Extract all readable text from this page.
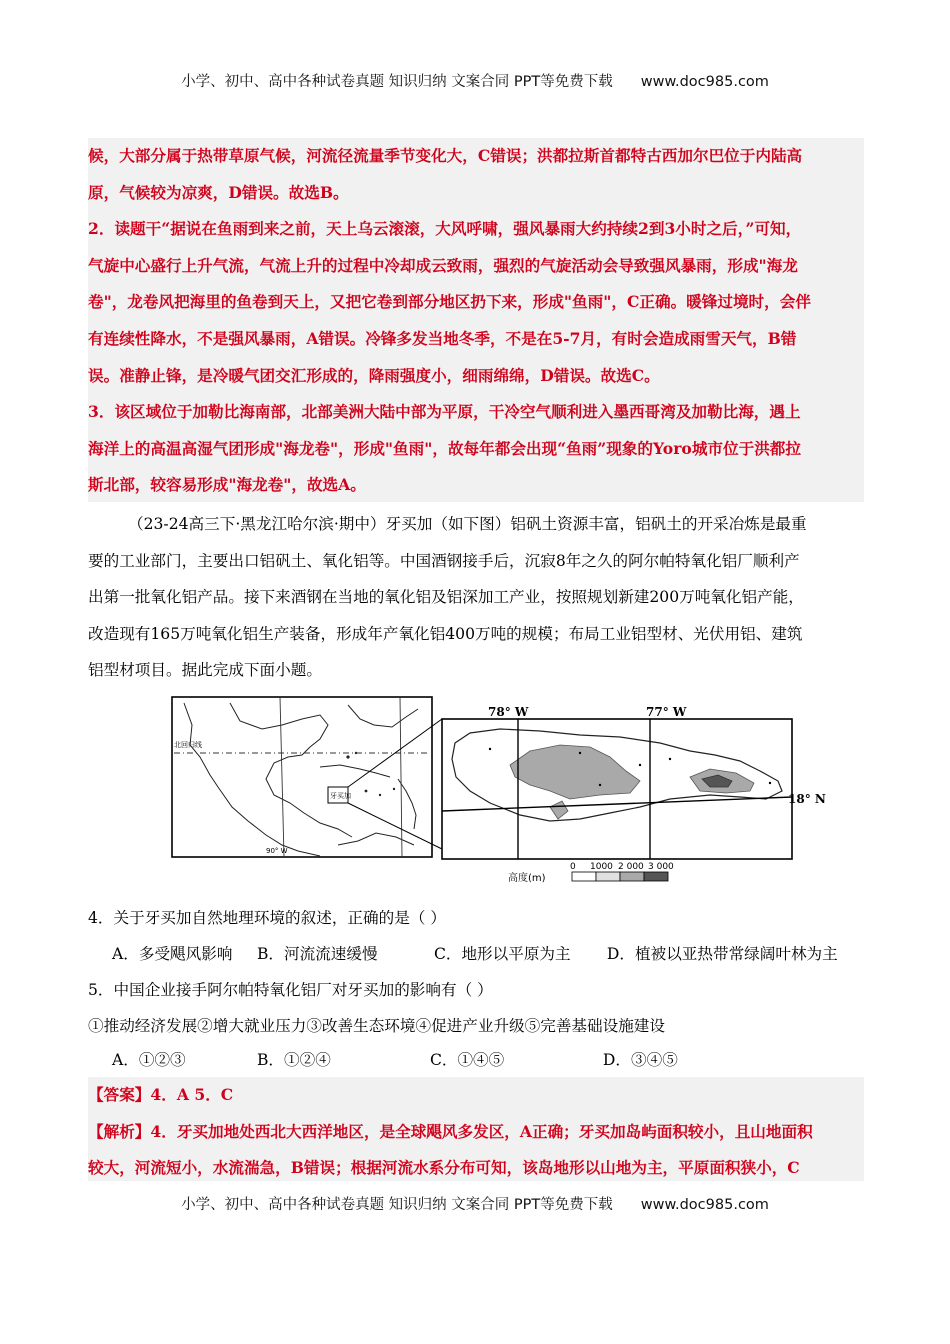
小学、初中、高中各种试卷真题 知识归纳 文案合同 PPT等免费下载 www.doc985.com

候，大部分属于热带草原气候，河流径流量季节变化大，C错误；洪都拉斯首都特古西加尔巴位于内陆高

原，气候较为凉爽，D错误。故选B。

2．读题干“据说在鱼雨到来之前，天上乌云滚滚，大风呼啸，强风暴雨大约持续2到3小时之后，”可知，

气旋中心盛行上升气流，气流上升的过程中冷却成云致雨，强烈的气旋活动会导致强风暴雨，形成"海龙

卷"，龙卷风把海里的鱼卷到天上，又把它卷到部分地区扔下来，形成"鱼雨"，C正确。暖锋过境时，会伴

有连续性降水，不是强风暴雨，A错误。冷锋多发当地冬季，不是在5-7月，有时会造成雨雪天气，B错

误。准静止锋，是冷暖气团交汇形成的，降雨强度小，细雨绵绵，D错误。故选C。

3．该区域位于加勒比海南部，北部美洲大陆中部为平原，干冷空气顺利进入墨西哥湾及加勒比海，遇上

海洋上的高温高湿气团形成"海龙卷"，形成"鱼雨"，故每年都会出现“鱼雨”现象的Yoro城市位于洪都拉

斯北部，较容易形成"海龙卷"，故选A。

（23-24高三下·黑龙江哈尔滨·期中）牙买加（如下图）铝矾土资源丰富，铝矾土的开采冶炼是最重

要的工业部门，主要出口铝矾土、氧化铝等。中国酒钢接手后，沉寂8年之久的阿尔帕特氧化铝厂顺利产

出第一批氧化铝产品。接下来酒钢在当地的氧化铝及铝深加工产业，按照规划新建200万吨氧化铝产能，

改造现有165万吨氧化铝生产装备，形成年产氧化铝400万吨的规模；布局工业铝型材、光伏用铝、建筑

铝型材项目。据此完成下面小题。

北回归线
90° W
牙买加
78° W	77° W
18° N
高度(m)
0 1000 2 000 3 000
4．关于牙买加自然地理环境的叙述，正确的是（ ）
A．多受飓风影响 B．河流流速缓慢	C．地形以平原为主 D．植被以亚热带常绿阔叶林为主
5．中国企业接手阿尔帕特氧化铝厂对牙买加的影响有（ ）
①推动经济发展②增大就业压力③改善生态环境④促进产业升级⑤完善基础设施建设
A．①②③	B．①②④	C．①④⑤	D．③④⑤

【答案】4．A 5．C

【解析】4．牙买加地处西北大西洋地区，是全球飓风多发区，A正确；牙买加岛屿面积较小，且山地面积

较大，河流短小，水流湍急，B错误；根据河流水系分布可知，该岛地形以山地为主，平原面积狭小，C

小学、初中、高中各种试卷真题 知识归纳 文案合同 PPT等免费下载 www.doc985.com
